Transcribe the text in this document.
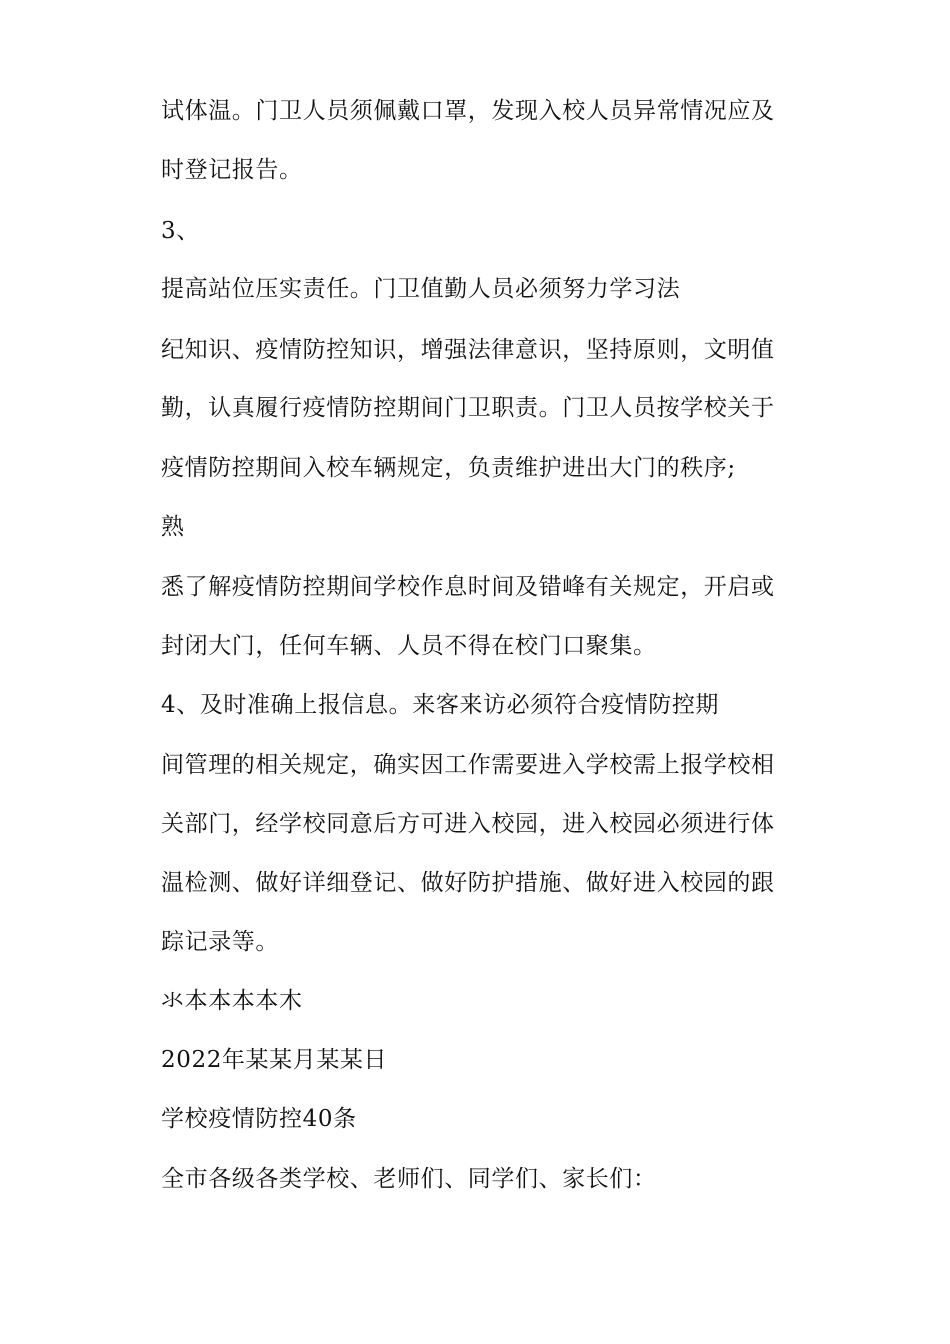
试体温。门卫人员须佩戴口罩，发现入校人员异常情况应及
时登记报告。
3、
提高站位压实责任。门卫值勤人员必须努力学习法
纪知识、疫情防控知识，增强法律意识，坚持原则，文明值
勤，认真履行疫情防控期间门卫职责。门卫人员按学校关于
疫情防控期间入校车辆规定，负责维护进出大门的秩序;
熟
悉了解疫情防控期间学校作息时间及错峰有关规定，开启或
封闭大门，任何车辆、人员不得在校门口聚集。
4、及时准确上报信息。来客来访必须符合疫情防控期
间管理的相关规定，确实因工作需要进入学校需上报学校相
关部门，经学校同意后方可进入校园，进入校园必须进行体
温检测、做好详细登记、做好防护措施、做好进入校园的跟
踪记录等。
氺本本本本木
2022年某某月某某日
学校疫情防控40条
全市各级各类学校、老师们、同学们、家长们：
